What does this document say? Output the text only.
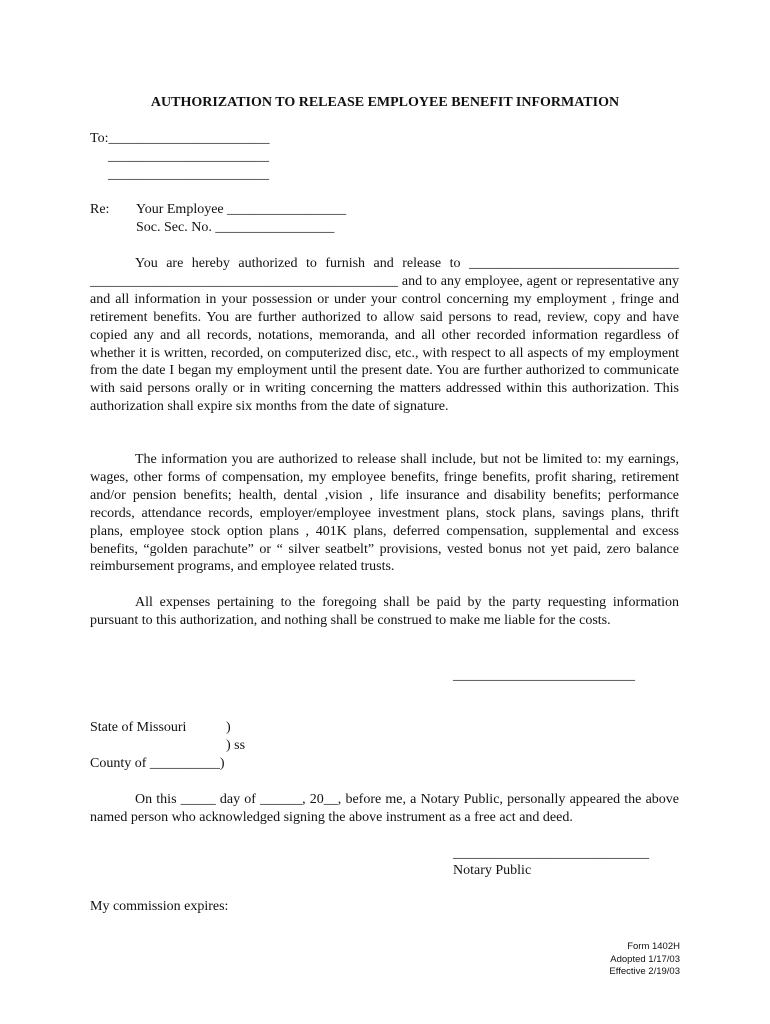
AUTHORIZATION TO RELEASE EMPLOYEE BENEFIT INFORMATION
To:_______________________
_______________________
_______________________
Re: Your Employee _________________
Soc. Sec. No. _________________
You are hereby authorized to furnish and release to ______________________________ ____________________________________________ and to any employee, agent or representative any and all information in your possession or under your control concerning my employment , fringe and retirement benefits. You are further authorized to allow said persons to read, review, copy and have copied any and all records, notations, memoranda, and all other recorded information regardless of whether it is written, recorded, on computerized disc, etc., with respect to all aspects of my employment from the date I began my employment until the present date. You are further authorized to communicate with said persons orally or in writing concerning the matters addressed within this authorization. This authorization shall expire six months from the date of signature.
The information you are authorized to release shall include, but not be limited to: my earnings, wages, other forms of compensation, my employee benefits, fringe benefits, profit sharing, retirement and/or pension benefits; health, dental ,vision , life insurance and disability benefits; performance records, attendance records, employer/employee investment plans, stock plans, savings plans, thrift plans, employee stock option plans , 401K plans, deferred compensation, supplemental and excess benefits, “golden parachute” or “ silver seatbelt” provisions, vested bonus not yet paid, zero balance reimbursement programs, and employee related trusts.
All expenses pertaining to the foregoing shall be paid by the party requesting information pursuant to this authorization, and nothing shall be construed to make me liable for the costs.
__________________________
State of Missouri	)
) ss
County of __________)
On this _____ day of ______, 20__, before me, a Notary Public, personally appeared the above named person who acknowledged signing the above instrument as a free act and deed.
____________________________
Notary Public
My commission expires:
Form 1402H
Adopted 1/17/03
Effective 2/19/03
